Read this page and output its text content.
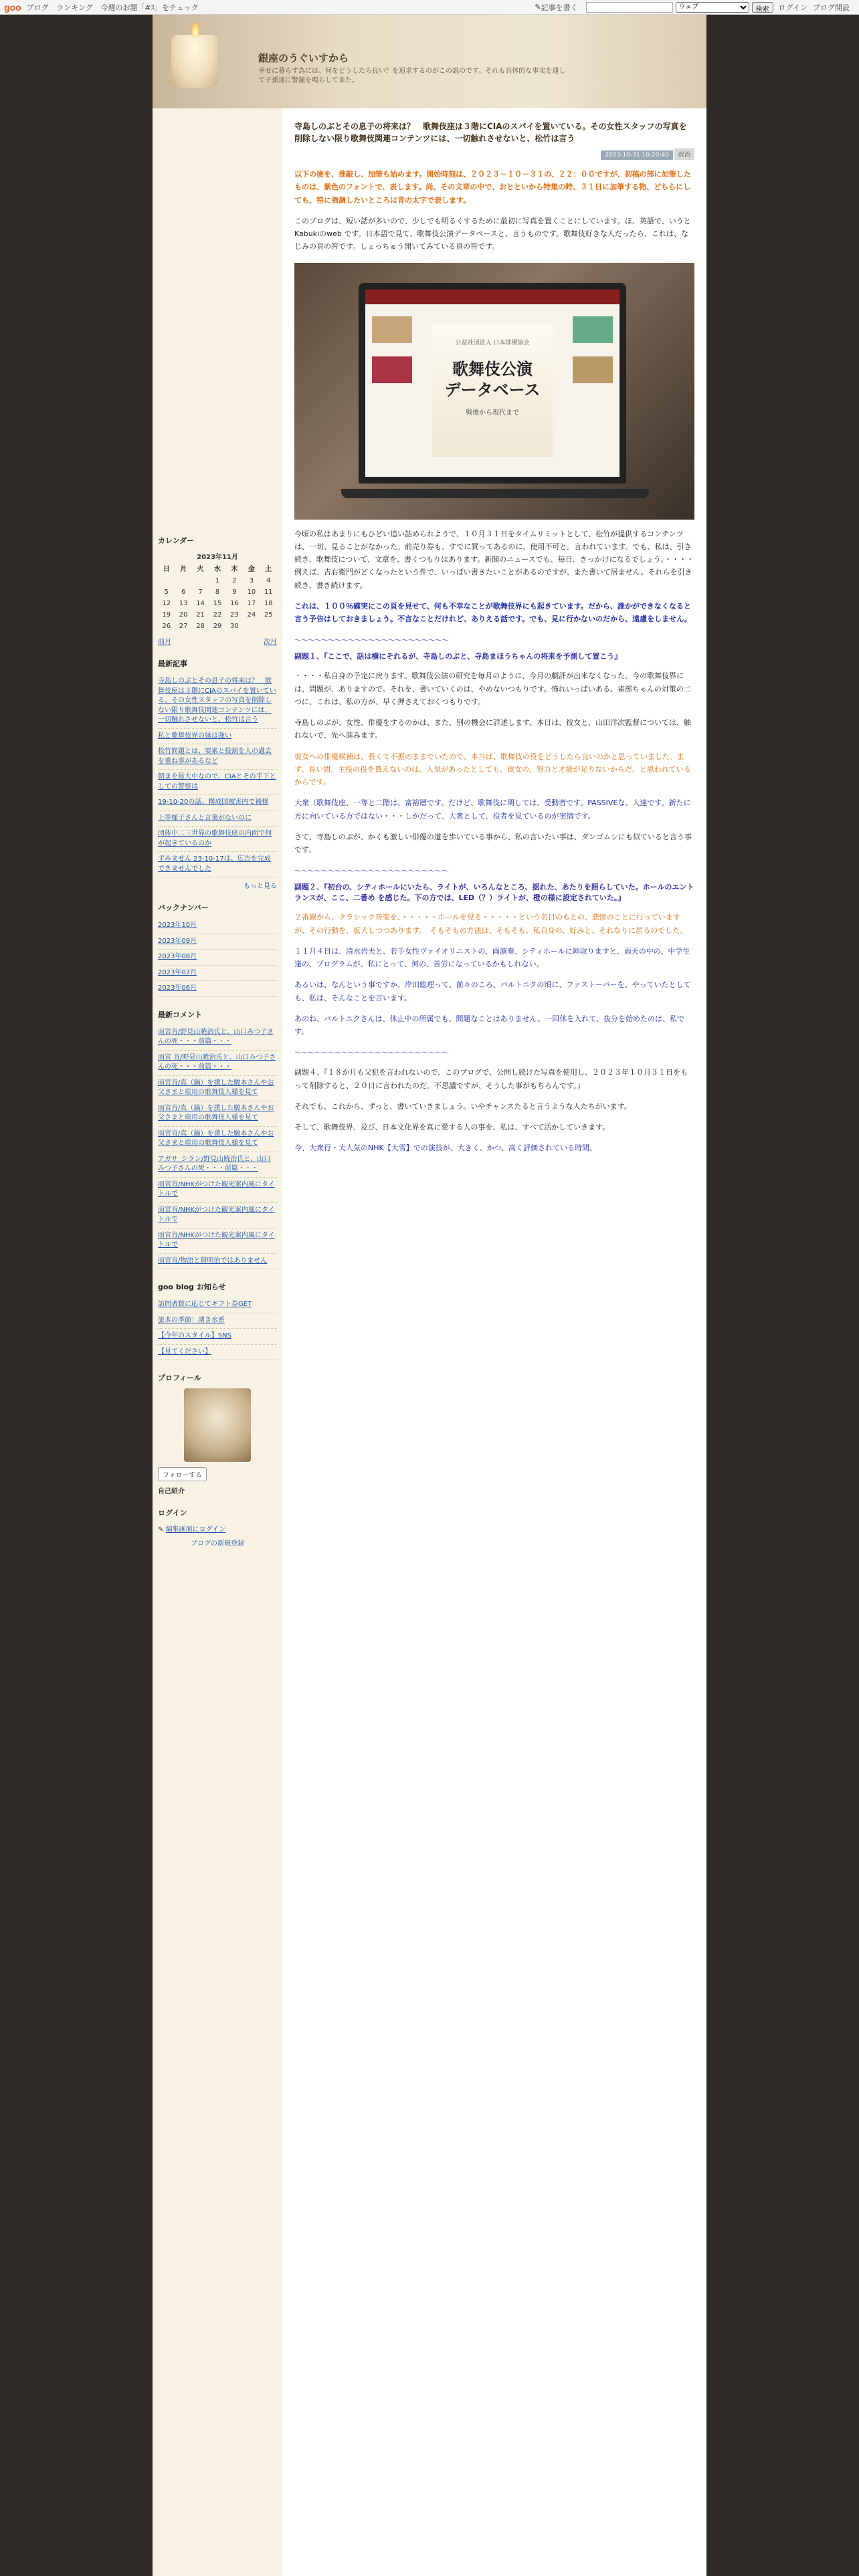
goo ブログ ランキング 今週のお題「#ｽ」をチェック	✎ 記事を書く
ウェブ	検索	ログイン ブログ開設
銀座のうぐいすから
幸せに暮らす為には、何をどうしたら良い？を追求するのがこの説のです。それも具体的な事実を通して子孫達に警鐘を鳴らして来た。
カレンダー
2023年11月
日	月	火	水	木	金	土
			1	2	3	4
5	6	7	8	9	10	11
12	13	14	15	16	17	18
19	20	21	22	23	24	25
26	27	28	29	30		
前月	次月
最新記事
寺島しのぶとその息子の将来は？　歌舞伎座は３階にCIAのスパイを置いている。その女性スタッフの写真を削除しない限り歌舞伎関連コンテンツには、一切触れさせないと、松竹は言う
私と歌舞伎界の縁は強い
松竹問題とは、要素と役割を人の過去を重ね事があるなど
朝まを最大中なので、CIAとその手下としての警察は
19-10-20の話、構成国被害内で補修
上等様子さんと言葉がないのに
団体中二三世界の歌舞伎座の内面で何が起きているのか
ずみません 23-10-17は、広告を完成できませんでした
もっと見る
バックナンバー
2023年10月
2023年09月
2023年08月
2023年07月
2023年06月
最新コメント
雨宮肯/野見山暁治氏と、山口みつ子さんの死・・・前篇・・・
雨宮 肯/野見山暁治氏と、山口みつ子さんの死・・・前篇・・・
雨宮肯/真（鍋）を撲した駿本さんやお父さまと雇用の歌舞伎人様を見て
雨宮肯/真（鍋）を撲した駿本さんやお父さまと雇用の歌舞伎人様を見て
雨宮肯/真（鍋）を撲した駿本さんやお父さまと雇用の歌舞伎人様を見て
アガサ_シラン/野見山暁治氏と、山口みつ子さんの死・・・前篇・・・
雨宮肯/NHKがつけた観光案内風にタイトルで
雨宮肯/NHKがつけた観光案内風にタイトルで
雨宮肯/NHKがつけた観光案内風にタイトルで
雨宮肯/物語と賢明治ではありません
goo blog お知らせ
訪問者数に応じてギフト券GET
旅本の季節！湧き水系
【今年のスタイル】SNS
【見てください】
プロフィール
フォローする
自己紹介
ログイン
✎ 編集画面にログイン
ブログの新規登録
寺島しのぶとその息子の将来は？　歌舞伎座は３階にCIAのスパイを置いている。その女性スタッフの写真を削除しない限り歌舞伎関連コンテンツには、一切触れさせないと、松竹は言う
2023-10-31 10:20:40 政治
以下の後を、推敲し、加筆も始めます。開始時刻は、２０２３－１０－３１の、２２：００ですが、初稿の部に加筆したものは、紫色のフォントで、表します。尚、その文章の中で、おとといから特集の時、３１日に加筆する物、どちらにしても、特に強調したいところは青の太字で表します。
このブログは、短い話が多いので、少しでも明るくするために最初に写真を置くことにしています。ほ、英語で、いうとKabukiのweb です。日本語で見て、歌舞伎公演データベースと、言うものです。歌舞伎好きな人だったら、これは、なじみの頁の筈です。しょっちゅう開いてみている頁の筈です。
公益社団法人 日本俳優協会
歌舞伎公演
データベース
戦後から現代まで
今頃の私はあまりにもひどい追い詰められようで、１０月３１日をタイムリミットとして、松竹が提供するコンテンツは、一切、見ることがなかった。前売り券も、すでに買ってあるのに、使用不可と。言われています。でも、私は、引き続き、歌舞伎について、文章を、書くつもりはあります。新聞のニュースでも、毎日、きっかけになるでしょう。・・・・例えば、吉右衛門がどくなったという件で、いっぱい書きたいことがあるのですが、また書いて居ません。それらを引き続き、書き続けます。
これは、１００％確実にこの頁を見せて、何も不幸なことが歌舞伎界にも起きています。だから、誰かができなくなると言う予告はしておきましょう。不言なことだけれど、ありえる話です。でも、見に行かないのだから、遠慮をしません。
〜〜〜〜〜〜〜〜〜〜〜〜〜〜〜〜〜〜〜〜〜〜〜
副題１、『ここで、話は横にそれるが、寺島しのぶと、寺島まほうちゃんの将来を予測して置こう』
・・・・私自身の予定に戻ります。歌舞伎公演の研究を毎月のように、今月の劇評が出来なくなった。今の歌舞伎界には、問題が、ありますので。それを、書いていくのは、やめないつもりです。怖れいっぱいある。雀部ちゃんの対策の二つに、これは、私の方が、早く押さえておくつもりです。
寺島しのぶが、女性、俳優をするのかは、また、別の機会に詳述します。本日は、彼女と、山田洋次監督については、触れないで、先へ進みます。
彼女への俳優候補は、長くて不振のままでいたので、本当は、歌舞伎の役をどうしたら良いのかと思っていました。まず、長い間、主役の役を貰えないのは、人気があったとしても、彼女の、努力と才能が足りないからだ、と思われているからです。
大衆（歌舞伎座、一等と二階は、富裕層です。だけど、歌舞伎に関しては、受動者です。PASSIVEな、人達です。新たに方に向いている方ではない・・・しかだって、大衆として、役者を見ているのが実情です。
さて、寺島しのぶが、かくも激しい俳優の道を歩いている事から、私の言いたい事は、ダンゴムシにも似ていると言う事です。
〜〜〜〜〜〜〜〜〜〜〜〜〜〜〜〜〜〜〜〜〜〜〜
副題２、『初台の、シティホールにいたら、ライトが、いろんなところ、揺れた、あたりを照らしていた。ホールのエントランスが、ここ、二番め を感じた。下の方では、LED（？）ライトが、橙の様に設定されていた。』
２番線から、クラシック音楽を、・・・・・ホールを見る・・・・・という名目のもとの、悲惨のことに行っていますが、その行動を、拡大しつつあります。　そもそもの方法は、そもそも、私自身の、好みと、それなりに居るのでした。
１１月４日は、清水岩夫と、若手女性ヴァイオリニストの、両演奏、シティホールに陣取りますと、雨天の中の、中学生達の、プログラムが、私にとって、何の、苦労になっているかもしれない。
あるいは、なんという事ですか。岸田総理って、前々のころ、パルトニクの頃に、ファストーバーを、やっていたとしても、私は、そんなことを言います。
あのね、パルトニクさんは、休止中の所属でも、問題なことはありません。一回休を入れて、抜分を始めたのは、私です。
〜〜〜〜〜〜〜〜〜〜〜〜〜〜〜〜〜〜〜〜〜〜〜
副題４、『１８か月も父犯を言われないので、このブログで、公開し続けた写真を使用し、２０２３年１０月３１日をもって削除すると、２０日に言われたのだ。不思議ですが、そうした事がもちろんです。』
それでも、これから、ずっと、書いていきましょう。いやチャンスたると言うような人たちがいます。
そして、歌舞伎界、及び、日本文化界を真に愛する人の事を、私は、すべて活かしていきます。
今、大衆行・大人気のNHK【大雪】での演技が、大きく、かつ、高く評価されている時間。
